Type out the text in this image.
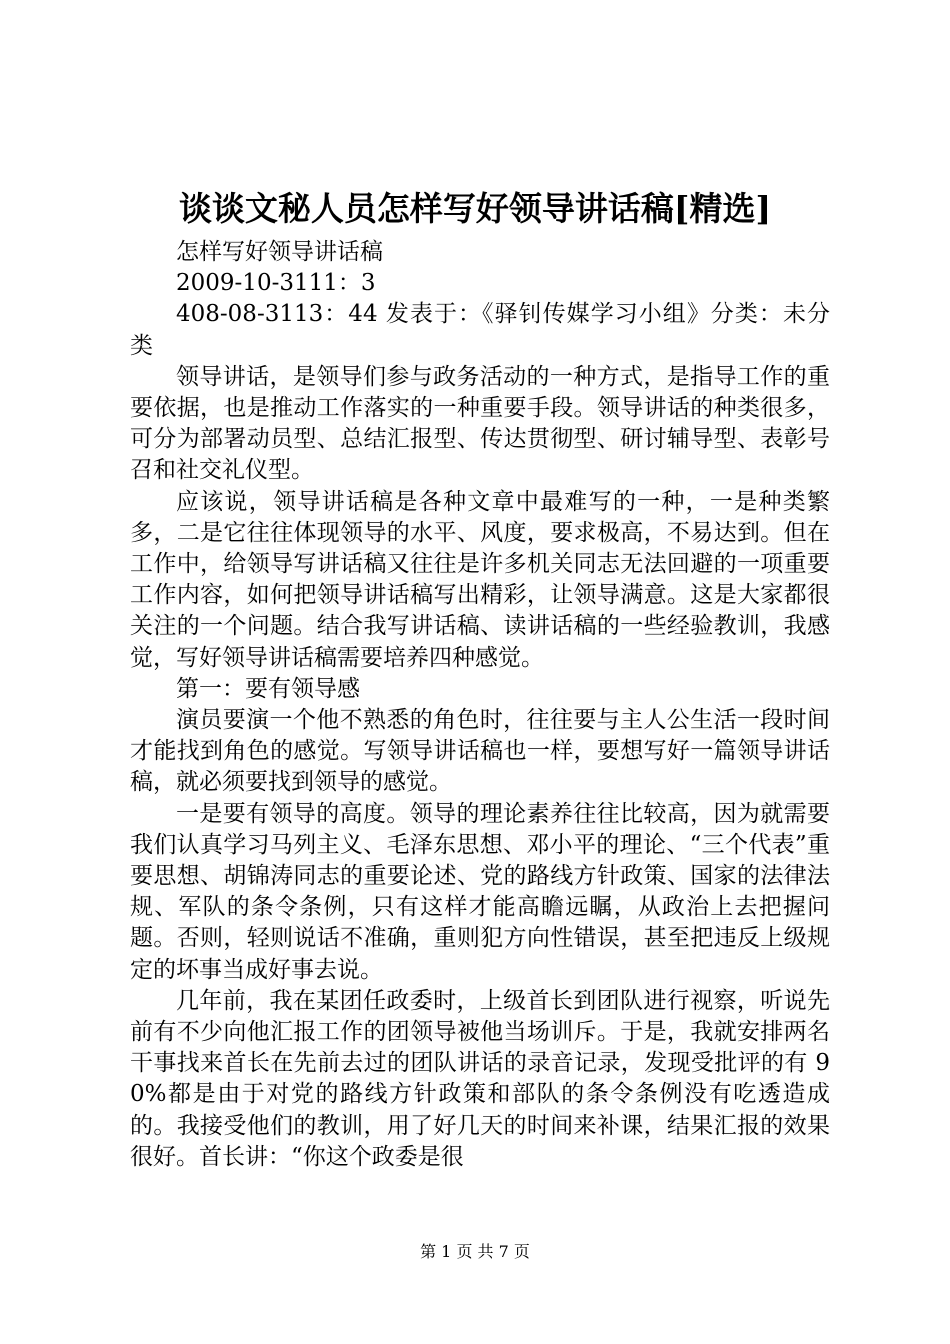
谈谈文秘人员怎样写好领导讲话稿[精选]

怎样写好领导讲话稿

2009-10-3111：3

408-08-3113：44 发表于：《驿钊传媒学习小组》分类：未分类

领导讲话，是领导们参与政务活动的一种方式，是指导工作的重要依据，也是推动工作落实的一种重要手段。领导讲话的种类很多，可分为部署动员型、总结汇报型、传达贯彻型、研讨辅导型、表彰号召和社交礼仪型。

应该说，领导讲话稿是各种文章中最难写的一种，一是种类繁多，二是它往往体现领导的水平、风度，要求极高，不易达到。但在工作中，给领导写讲话稿又往往是许多机关同志无法回避的一项重要工作内容，如何把领导讲话稿写出精彩，让领导满意。这是大家都很关注的一个问题。结合我写讲话稿、读讲话稿的一些经验教训，我感觉，写好领导讲话稿需要培养四种感觉。

第一：要有领导感

演员要演一个他不熟悉的角色时，往往要与主人公生活一段时间才能找到角色的感觉。写领导讲话稿也一样，要想写好一篇领导讲话稿，就必须要找到领导的感觉。

一是要有领导的高度。领导的理论素养往往比较高，因为就需要我们认真学习马列主义、毛泽东思想、邓小平的理论、“三个代表”重要思想、胡锦涛同志的重要论述、党的路线方针政策、国家的法律法规、军队的条令条例，只有这样才能高瞻远瞩，从政治上去把握问题。否则，轻则说话不准确，重则犯方向性错误，甚至把违反上级规定的坏事当成好事去说。

几年前，我在某团任政委时，上级首长到团队进行视察，听说先前有不少向他汇报工作的团领导被他当场训斥。于是，我就安排两名干事找来首长在先前去过的团队讲话的录音记录，发现受批评的有 90%都是由于对党的路线方针政策和部队的条令条例没有吃透造成的。我接受他们的教训，用了好几天的时间来补课，结果汇报的效果很好。首长讲：“你这个政委是很

第 1 页 共 7 页
